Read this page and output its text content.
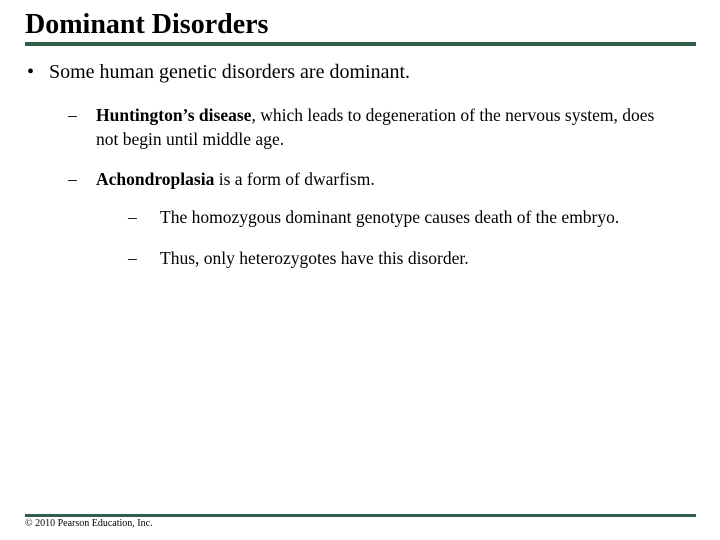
Dominant Disorders
• Some human genetic disorders are dominant.
– Huntington’s disease, which leads to degeneration of the nervous system, does not begin until middle age.
– Achondroplasia is a form of dwarfism.
– The homozygous dominant genotype causes death of the embryo.
– Thus, only heterozygotes have this disorder.
© 2010 Pearson Education, Inc.
